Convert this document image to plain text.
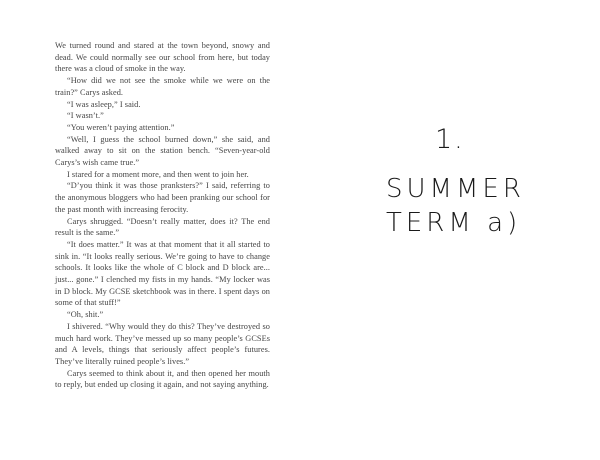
We turned round and stared at the town beyond, snowy and dead. We could normally see our school from here, but today there was a cloud of smoke in the way.

“How did we not see the smoke while we were on the train?” Carys asked.

“I was asleep,” I said.

“I wasn’t.”

“You weren’t paying attention.”

“Well, I guess the school burned down,” she said, and walked away to sit on the station bench. “Seven-year-old Carys’s wish came true.”

I stared for a moment more, and then went to join her.

“D’you think it was those pranksters?” I said, referring to the anonymous bloggers who had been pranking our school for the past month with increasing ferocity.

Carys shrugged. “Doesn’t really matter, does it? The end result is the same.”

“It does matter.” It was at that moment that it all started to sink in. “It looks really serious. We’re going to have to change schools. It looks like the whole of C block and D block are... just... gone.” I clenched my fists in my hands. “My locker was in D block. My GCSE sketchbook was in there. I spent days on some of that stuff!”

“Oh, shit.”

I shivered. “Why would they do this? They’ve destroyed so much hard work. They’ve messed up so many people’s GCSEs and A levels, things that seriously affect people’s futures. They’ve literally ruined people’s lives.”

Carys seemed to think about it, and then opened her mouth to reply, but ended up closing it again, and not saying anything.

1.
SUMMER
TERM a)
